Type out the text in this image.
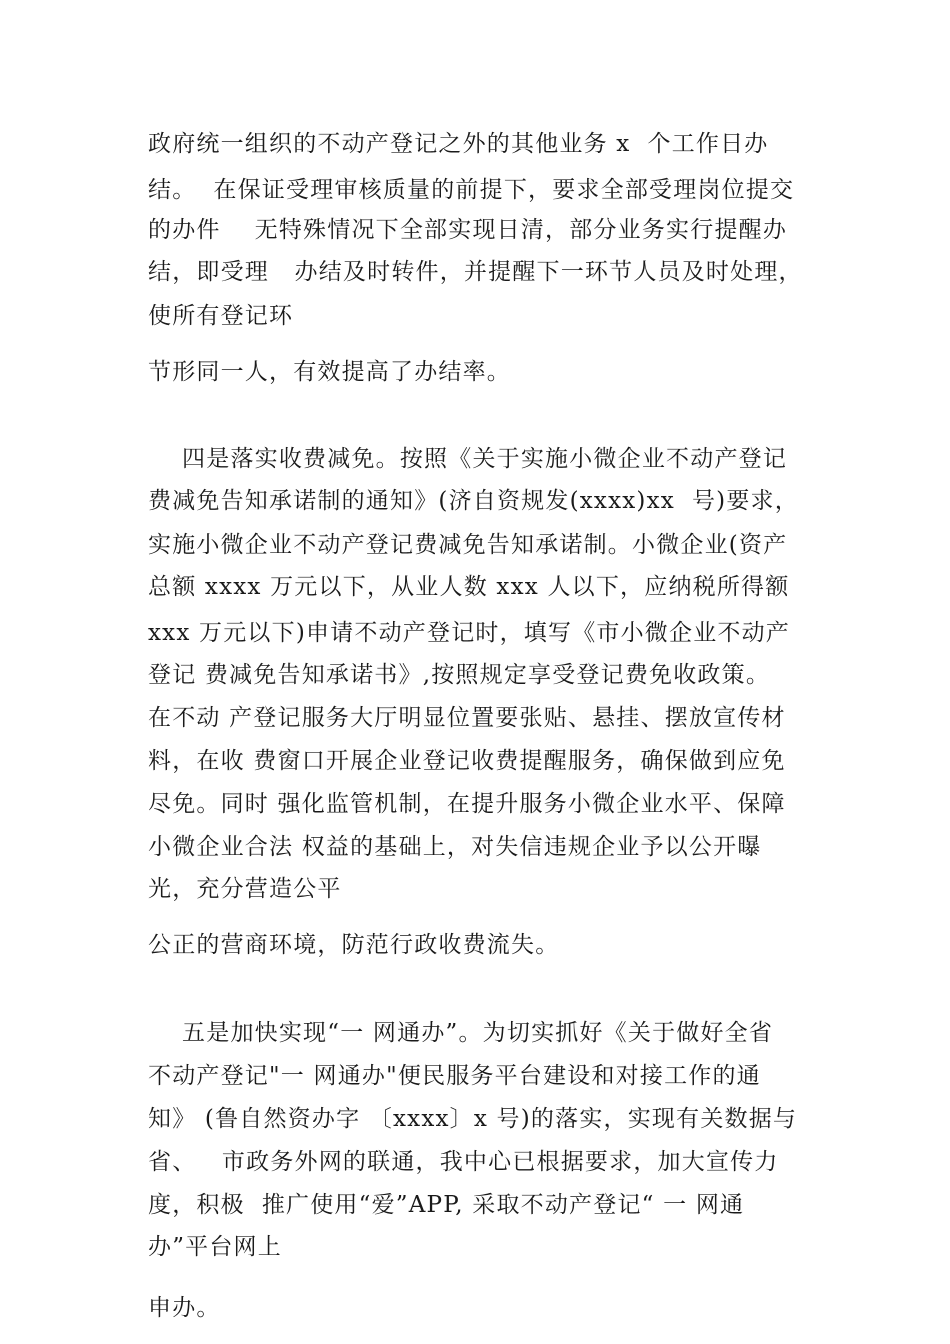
政府统一组织的不动产登记之外的其他业务 x  个工作日办
结。  在保证受理审核质量的前提下，要求全部受理岗位提交
的办件    无特殊情况下全部实现日清，部分业务实行提醒办
结，即受理   办结及时转件，并提醒下一环节人员及时处理，
使所有登记环
节形同一人，有效提高了办结率。
四是落实收费减免。按照《关于实施小微企业不动产登记
费减免告知承诺制的通知》(济自资规发(xxxx)xx  号)要求，
实施小微企业不动产登记费减免告知承诺制。小微企业(资产
总额 xxxx 万元以下，从业人数 xxx 人以下，应纳税所得额
xxx 万元以下)申请不动产登记时，填写《市小微企业不动产
登记 费减免告知承诺书》,按照规定享受登记费免收政策。
在不动 产登记服务大厅明显位置要张贴、悬挂、摆放宣传材
料，在收 费窗口开展企业登记收费提醒服务，确保做到应免
尽免。同时 强化监管机制，在提升服务小微企业水平、保障
小微企业合法 权益的基础上，对失信违规企业予以公开曝
光，充分营造公平
公正的营商环境，防范行政收费流失。
五是加快实现“一 网通办”。为切实抓好《关于做好全省
不动产登记"一 网通办"便民服务平台建设和对接工作的通
知》 (鲁自然资办字 〔xxxx〕x 号)的落实，实现有关数据与
省、   市政务外网的联通，我中心已根据要求，加大宣传力
度，积极  推广使用“爱”APP, 采取不动产登记“ 一 网通
办”平台网上
申办。
